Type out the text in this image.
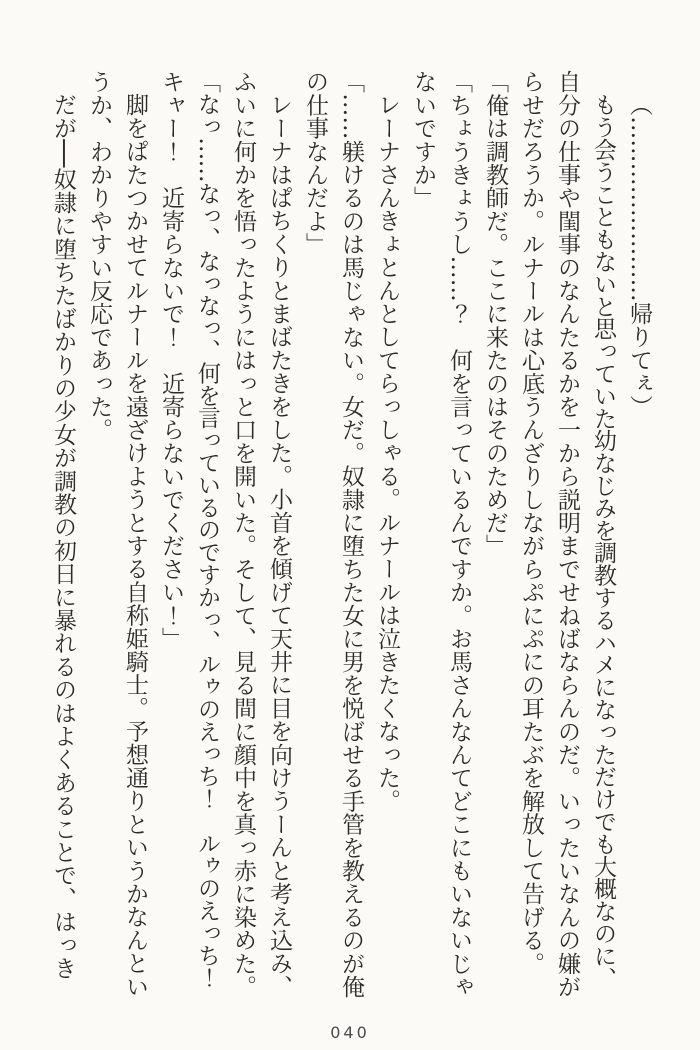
（……………………帰りてぇ）
もう会うこともないと思っていた幼なじみを調教するハメになっただけでも大概なのに、
自分の仕事や閨事のなんたるかを一から説明までせねばならんのだ。いったいなんの嫌が
らせだろうか。ルナールは心底うんざりしながらぷにぷにの耳たぶを解放して告げる。
「俺は調教師だ。ここに来たのはそのためだ」
「ちょうきょうし……？　何を言っているんですか。お馬さんなんてどこにもいないじゃ
ないですか」
レーナさんきょとんとしてらっしゃる。ルナールは泣きたくなった。
「……躾けるのは馬じゃない。女だ。奴隷に堕ちた女に男を悦ばせる手管を教えるのが俺
の仕事なんだよ」
レーナはぱちくりとまばたきをした。小首を傾げて天井に目を向けうーんと考え込み、
ふいに何かを悟ったようにはっと口を開いた。そして、見る間に顔中を真っ赤に染めた。
「なっ……なっ、なっなっ、何を言っているのですかっ、ルゥのえっち！　ルゥのえっち！
キャー！　近寄らないで！　近寄らないでください！」
脚をぱたつかせてルナールを遠ざけようとする自称姫騎士。予想通りというかなんとい
うか、わかりやすい反応であった。
だが──奴隷に堕ちたばかりの少女が調教の初日に暴れるのはよくあることで、はっき
040
